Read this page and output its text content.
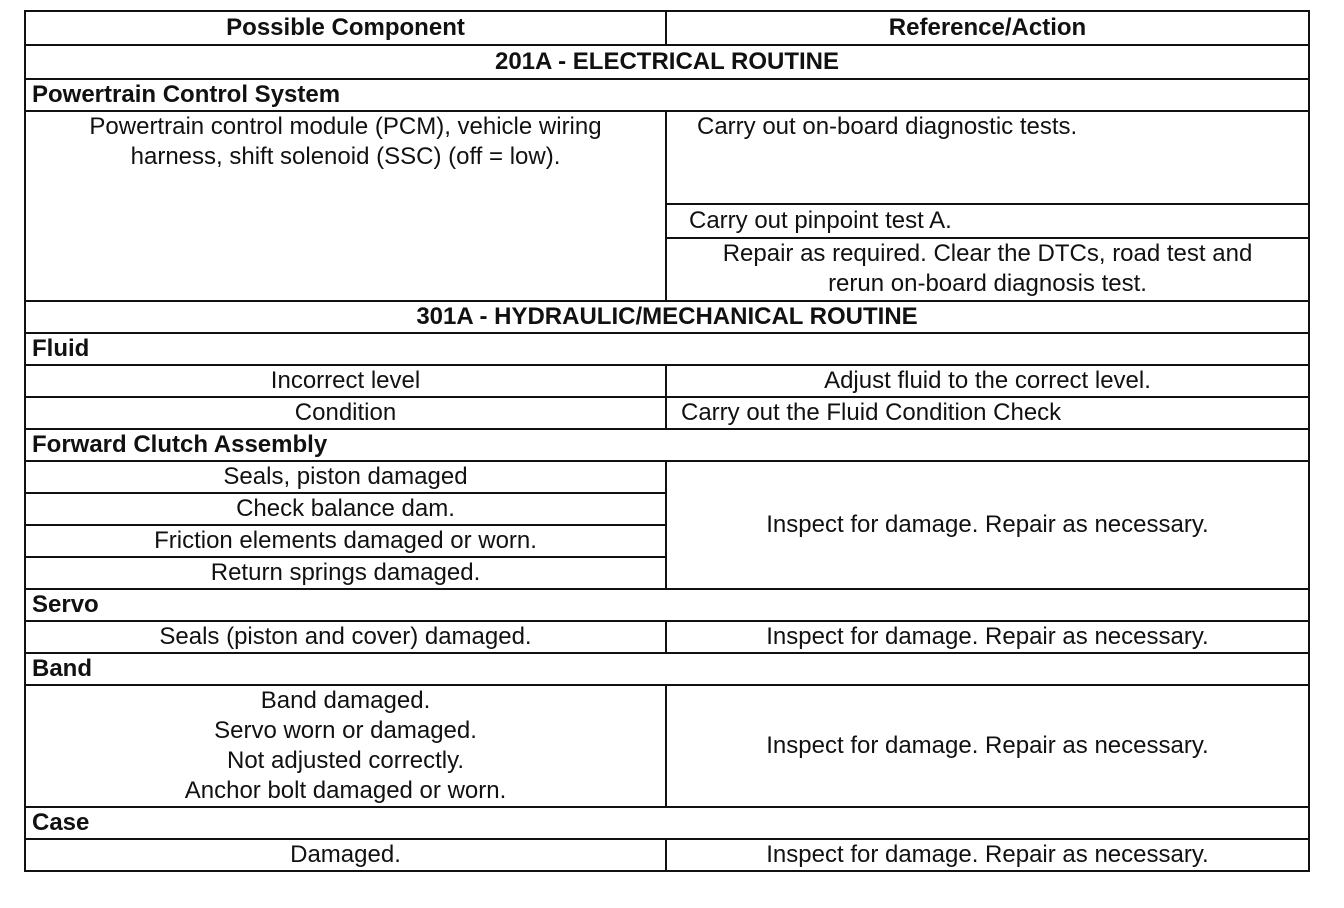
Possible Component	Reference/Action
201A - ELECTRICAL ROUTINE	
Powertrain Control System	

Powertrain control module (PCM), vehicle wiring
harness, shift solenoid (SSC) (off = low).	Carry out on-board diagnostic tests.
	Carry out pinpoint test A.

	Repair as required. Clear the DTCs, road test and
rerun on-board diagnosis test.

301A - HYDRAULIC/MECHANICAL ROUTINE	
Fluid	
Incorrect level	Adjust fluid to the correct level.
Condition	Carry out the Fluid Condition Check
Forward Clutch Assembly	
Seals, piston damaged	Inspect for damage. Repair as necessary.
Check balance dam.	
Friction elements damaged or worn.	
Return springs damaged.	
Servo	
Seals (piston and cover) damaged.	Inspect for damage. Repair as necessary.
Band	

Band damaged.
Servo worn or damaged.
Not adjusted correctly.
Anchor bolt damaged or worn.	Inspect for damage. Repair as necessary.
Case	
Damaged.	Inspect for damage. Repair as necessary.
